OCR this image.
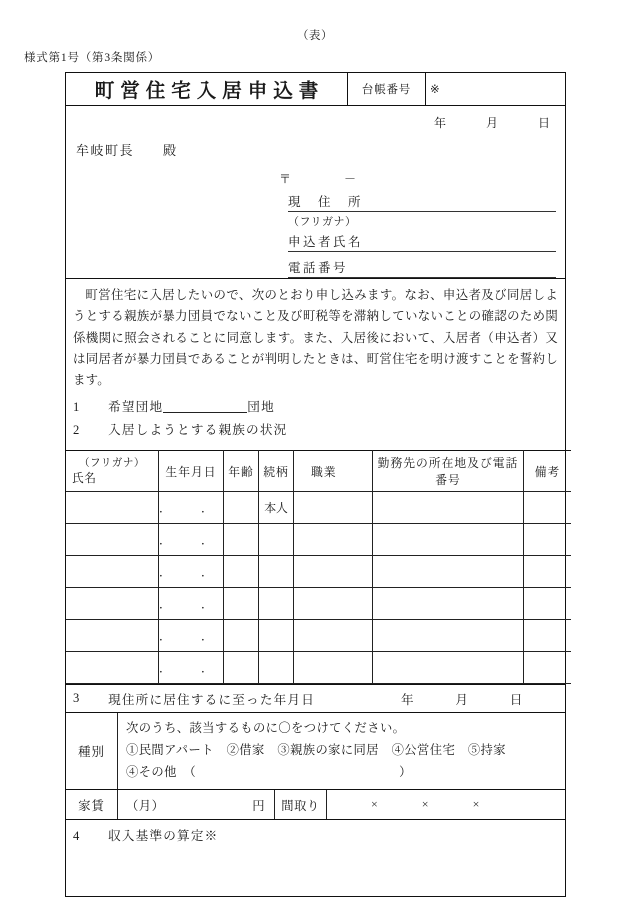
（表）
様式第1号（第3条関係）
町営住宅入居申込書	台帳番号	※
年　　　月　　　日
牟岐町長　　殿
〒　　　　－
現　住　所
（フリガナ）
申込者氏名
電話番号

町営住宅に入居したいので、次のとおり申し込みます。なお、申込者及び同居しようとする親族が暴力団員でないこと及び町税等を滞納していないことの確認のため関係機関に照会されることに同意します。また、入居後において、入居者（申込者）又は同居者が暴力団員であることが判明したときは、町営住宅を明け渡すことを誓約します。

1　　 希望団地	団地
2　　 入居しようとする親族の状況
（フリガナ）
氏名	生年月日	年齢	続柄	職業	勤務先の所在地及び電話番号	備考
	．　．		本人			
	．　．					
	．　．					
	．　．					
	．　．					
	．　．					
3
　　 現住所に居住するに至った年月日	年　　　月　　　日
種別
次のうち、該当するものに〇をつけてください。
①民間アパート　②借家　③親族の家に同居　④公営住宅　⑤持家
④その他　（　　　　　　　　　　　　　　　　）
家賃	（月）	円	間取り	×	×	×
4　　 収入基準の算定※
